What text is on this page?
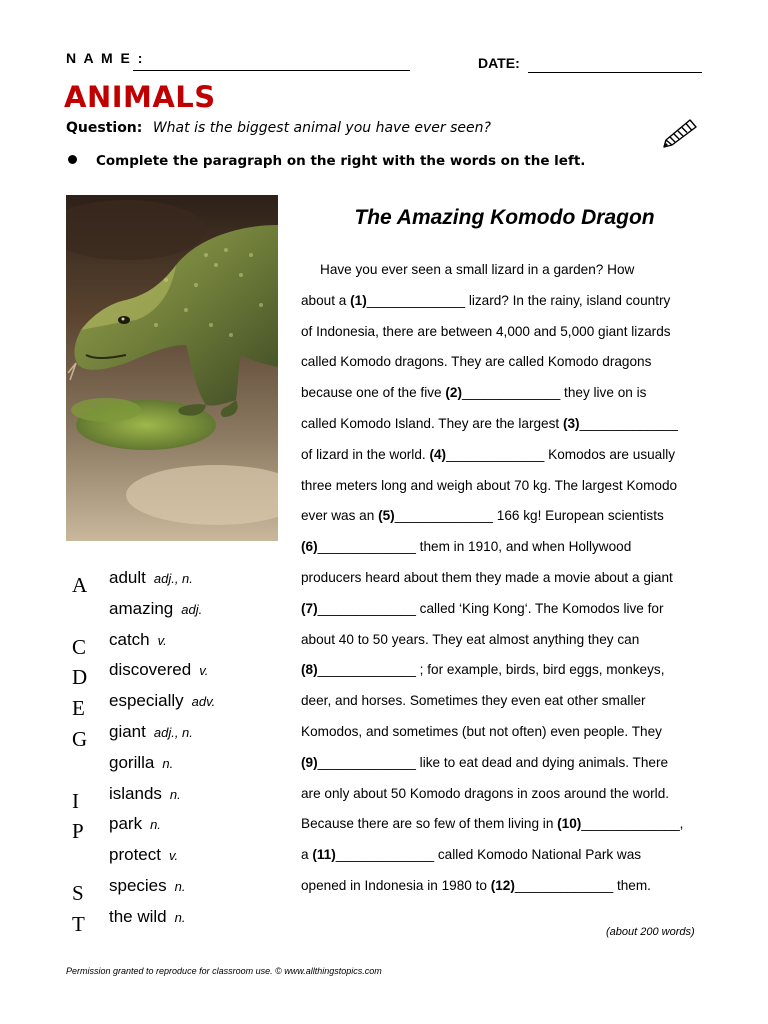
N A M E :	DATE:
ANIMALS
Question: What is the biggest animal you have ever seen?
Complete the paragraph on the right with the words on the left.
A adult adj., n.
amazing adj.
C catch v.
D discovered v.
E especially adv.
G giant adj., n.
gorilla n.
I islands n.
P park n.
protect v.
S species n.
T the wild n.
The Amazing Komodo Dragon
Have you ever seen a small lizard in a garden? How
about a (1)_____________ lizard? In the rainy, island country
of Indonesia, there are between 4,000 and 5,000 giant lizards
called Komodo dragons. They are called Komodo dragons
because one of the five (2)_____________ they live on is
called Komodo Island. They are the largest (3)_____________
of lizard in the world. (4)_____________ Komodos are usually
three meters long and weigh about 70 kg. The largest Komodo
ever was an (5)_____________ 166 kg! European scientists
(6)_____________ them in 1910, and when Hollywood
producers heard about them they made a movie about a giant
(7)_____________ called ‘King Kong‘. The Komodos live for
about 40 to 50 years. They eat almost anything they can
(8)_____________ ; for example, birds, bird eggs, monkeys,
deer, and horses. Sometimes they even eat other smaller
Komodos, and sometimes (but not often) even people. They
(9)_____________ like to eat dead and dying animals. There
are only about 50 Komodo dragons in zoos around the world.
Because there are so few of them living in (10)_____________,
a (11)_____________ called Komodo National Park was
opened in Indonesia in 1980 to (12)_____________ them.
(about 200 words)
Permission granted to reproduce for classroom use. © www.allthingstopics.com
